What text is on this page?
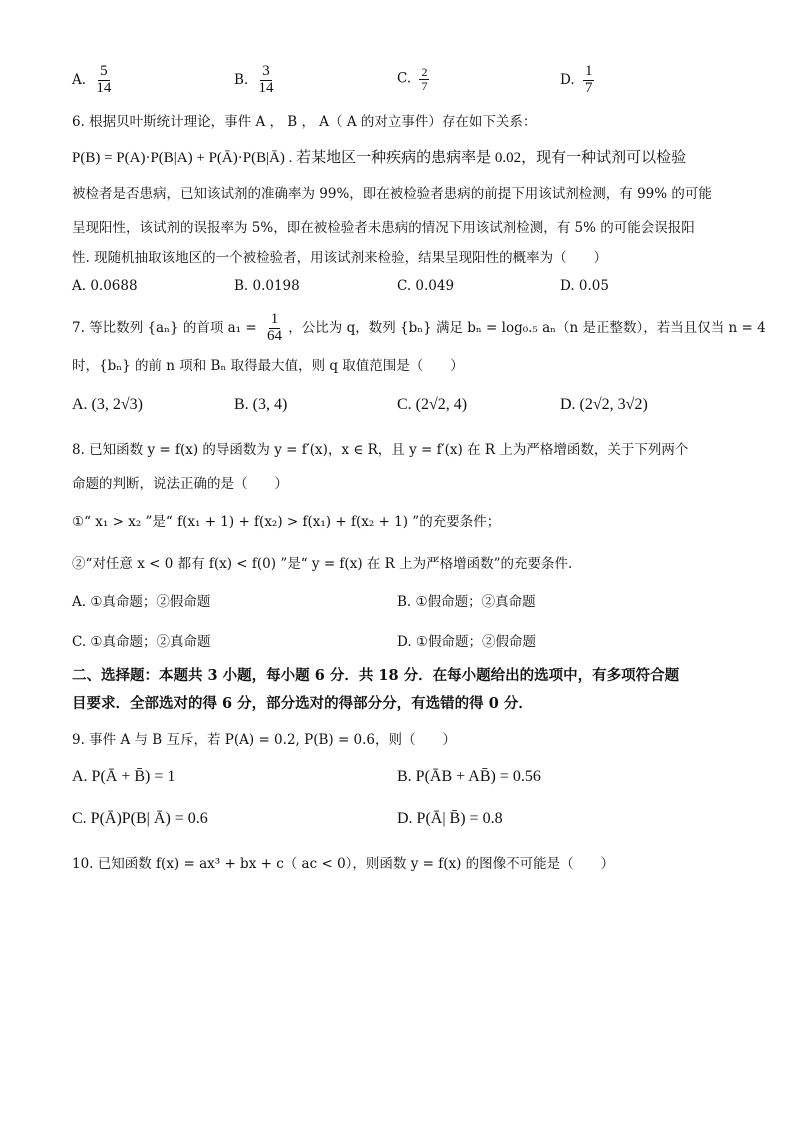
A. $\frac{5}{14}$	B. $\frac{3}{14}$	C. $\frac{2}{7}$	D. $\frac{1}{7}$
6. 根据贝叶斯统计理论，事件 A ， B ， A（ A 的对立事件）存在如下关系：
P(B) = P(A)·P(B|A) + P(Ā)·P(B|Ā) . 若某地区一种疾病的患病率是 0.02，现有一种试剂可以检验
被检者是否患病，已知该试剂的准确率为 99%，即在被检验者患病的前提下用该试剂检测，有 99% 的可能
呈现阳性，该试剂的误报率为 5%，即在被检验者未患病的情况下用该试剂检测，有 5% 的可能会误报阳
性. 现随机抽取该地区的一个被检验者，用该试剂来检验，结果呈现阳性的概率为（　　）
A. 0.0688	B. 0.0198	C. 0.049	D. 0.05
7. 等比数列 {aₙ} 的首项 $a_1 = \frac{1}{64}$ ，公比为 q，数列 {bₙ} 满足 bₙ = log₀.₅ aₙ（n 是正整数），若当且仅当 n = 4
时，{bₙ} 的前 n 项和 Bₙ 取得最大值，则 q 取值范围是（　　）
A. (3, 2√3)	B. (3, 4)	C. (2√2, 4)	D. (2√2, 3√2)
8. 已知函数 y = f(x) 的导函数为 y = f′(x)，x ∈ R，且 y = f′(x) 在 R 上为严格增函数，关于下列两个
命题的判断，说法正确的是（　　）
①“ x₁ > x₂ ”是“ f(x₁ + 1) + f(x₂) > f(x₁) + f(x₂ + 1) ”的充要条件；
②“对任意 x < 0 都有 f(x) < f(0) ”是“ y = f(x) 在 R 上为严格增函数”的充要条件.
A. ①真命题；②假命题	B. ①假命题；②真命题
C. ①真命题；②真命题	D. ①假命题；②假命题
二、选择题：本题共 3 小题，每小题 6 分．共 18 分．在每小题给出的选项中，有多项符合题
目要求．全部选对的得 6 分，部分选对的得部分分，有选错的得 0 分．
9. 事件 A 与 B 互斥，若 P(A) = 0.2, P(B) = 0.6，则（　　）
A. P(Ā + B̄) = 1	B. P(ĀB + AB̄) = 0.56
C. P(Ā)P(B| Ā) = 0.6	D. P(Ā| B̄) = 0.8
10. 已知函数 f(x) = ax³ + bx + c（ ac < 0），则函数 y = f(x) 的图像不可能是（　　）
